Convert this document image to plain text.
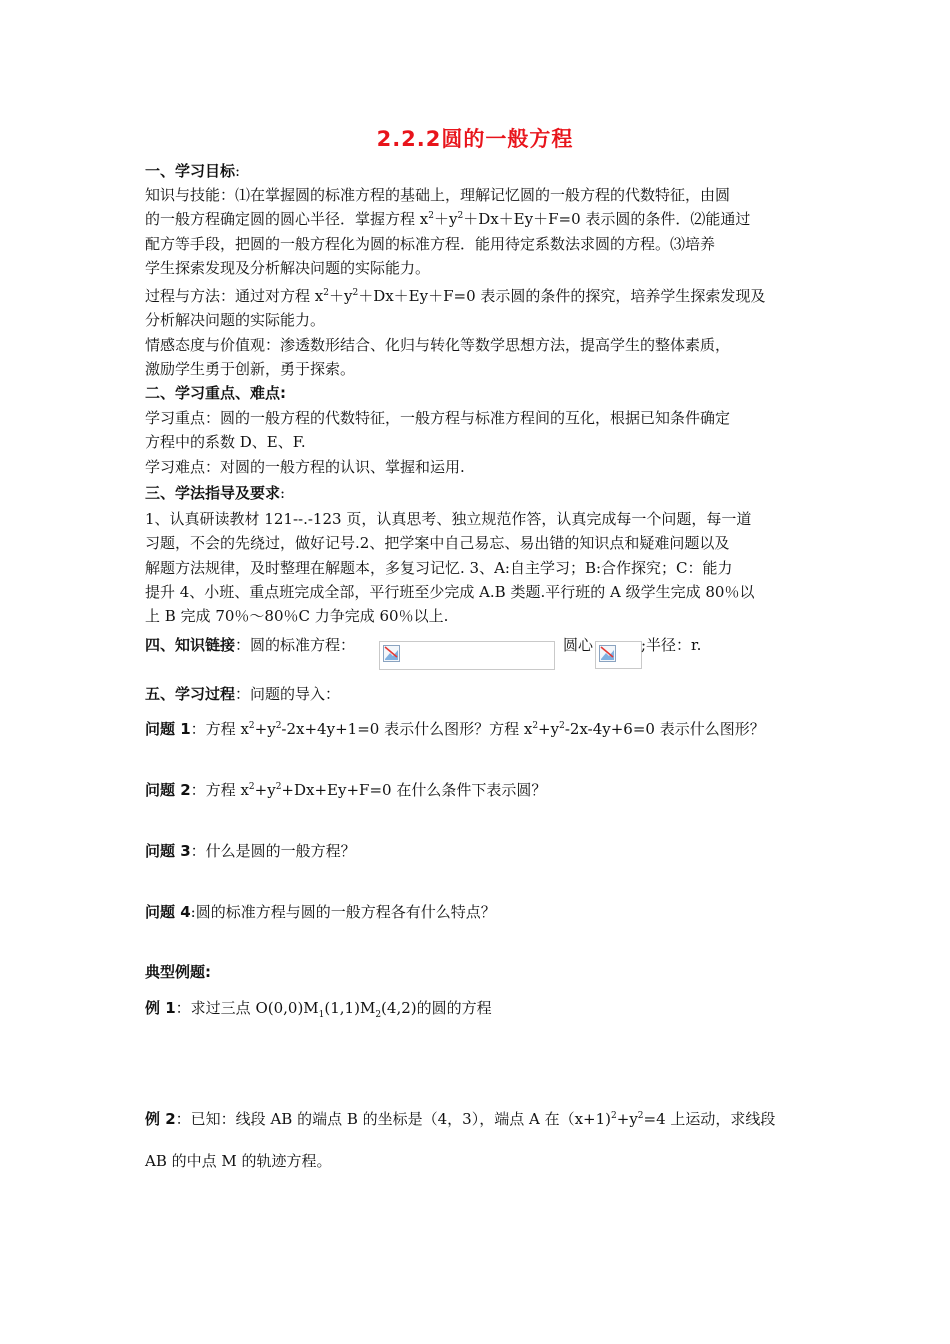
2.2.2圆的一般方程
一、学习目标:
知识与技能：⑴在掌握圆的标准方程的基础上，理解记忆圆的一般方程的代数特征，由圆
的一般方程确定圆的圆心半径．掌握方程 $x^2+y^2+Dx+Ey+F=0$ 表示圆的条件．⑵能通过
配方等手段，把圆的一般方程化为圆的标准方程．能用待定系数法求圆的方程。⑶培养
学生探索发现及分析解决问题的实际能力。
过程与方法：通过对方程 $x^2+y^2+Dx+Ey+F=0$ 表示圆的条件的探究，培养学生探索发现及
分析解决问题的实际能力。
情感态度与价值观：渗透数形结合、化归与转化等数学思想方法，提高学生的整体素质，
激励学生勇于创新，勇于探索。
二、学习重点、难点:
学习重点：圆的一般方程的代数特征，一般方程与标准方程间的互化，根据已知条件确定
方程中的系数 D、E、F.
学习难点：对圆的一般方程的认识、掌握和运用.
三、学法指导及要求:
1、认真研读教材 121--.-123 页，认真思考、独立规范作答，认真完成每一个问题，每一道
习题，不会的先绕过，做好记号.2、把学案中自己易忘、易出错的知识点和疑难问题以及
解题方法规律，及时整理在解题本，多复习记忆. 3、A:自主学习；B:合作探究；C：能力
提升 4、小班、重点班完成全部，平行班至少完成 A.B 类题.平行班的 A 级学生完成 80％以
上 B 完成 70％～80％C 力争完成 60％以上.
四、知识链接：圆的标准方程：	圆心	;半径：r.
五、学习过程：问题的导入：
问题 1：方程 $x^2+y^2-2x+4y+1=0$ 表示什么图形？方程 $x^2+y^2-2x-4y+6=0$ 表示什么图形？
问题 2：方程 $x^2+y^2+Dx+Ey+F=0$ 在什么条件下表示圆？
问题 3：什么是圆的一般方程？
问题 4:圆的标准方程与圆的一般方程各有什么特点？
典型例题:
例 1：求过三点 $O(0,0)M_1(1,1)M_2(4,2)$的圆的方程
例 2：已知：线段 AB 的端点 B 的坐标是（4，3），端点 A 在$(x+1)^2+y^2=4$ 上运动，求线段
AB 的中点 M 的轨迹方程。
